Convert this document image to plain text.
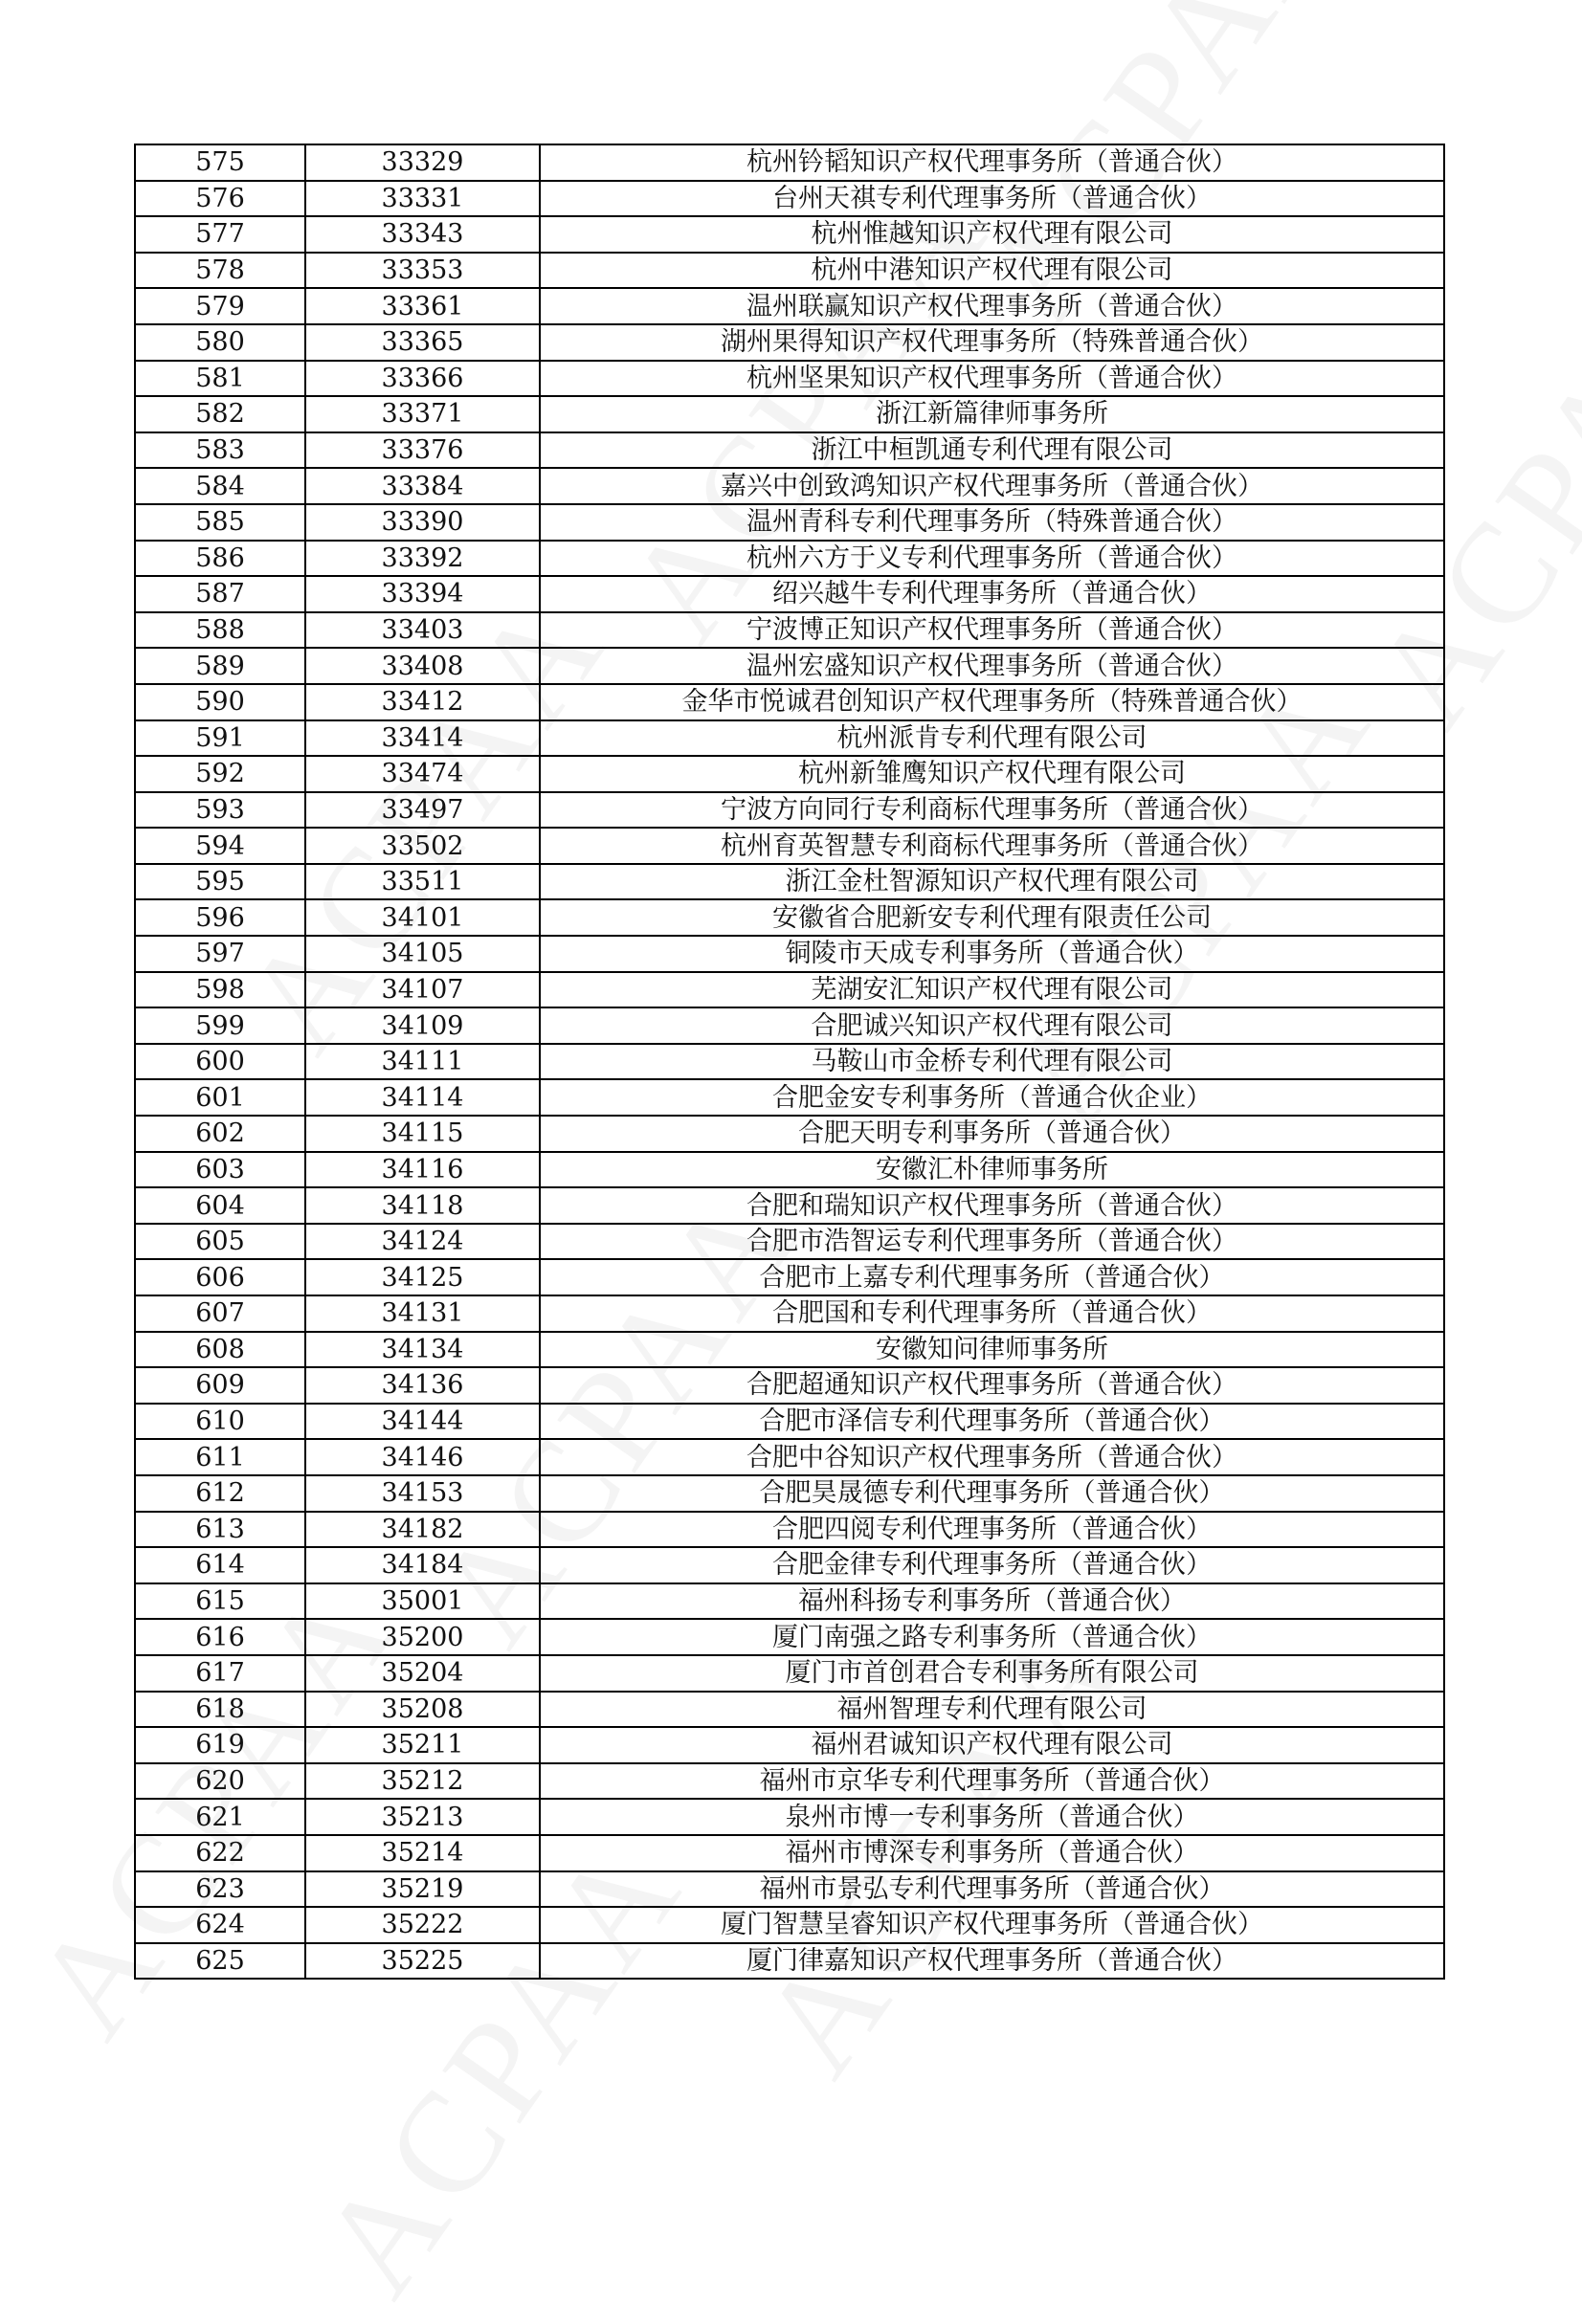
575	33329	杭州钤韬知识产权代理事务所（普通合伙）
576	33331	台州天祺专利代理事务所（普通合伙）
577	33343	杭州惟越知识产权代理有限公司
578	33353	杭州中港知识产权代理有限公司
579	33361	温州联赢知识产权代理事务所（普通合伙）
580	33365	湖州果得知识产权代理事务所（特殊普通合伙）
581	33366	杭州坚果知识产权代理事务所（普通合伙）
582	33371	浙江新篇律师事务所
583	33376	浙江中桓凯通专利代理有限公司
584	33384	嘉兴中创致鸿知识产权代理事务所（普通合伙）
585	33390	温州青科专利代理事务所（特殊普通合伙）
586	33392	杭州六方于义专利代理事务所（普通合伙）
587	33394	绍兴越牛专利代理事务所（普通合伙）
588	33403	宁波博正知识产权代理事务所（普通合伙）
589	33408	温州宏盛知识产权代理事务所（普通合伙）
590	33412	金华市悦诚君创知识产权代理事务所（特殊普通合伙）
591	33414	杭州派肯专利代理有限公司
592	33474	杭州新雏鹰知识产权代理有限公司
593	33497	宁波方向同行专利商标代理事务所（普通合伙）
594	33502	杭州育英智慧专利商标代理事务所（普通合伙）
595	33511	浙江金杜智源知识产权代理有限公司
596	34101	安徽省合肥新安专利代理有限责任公司
597	34105	铜陵市天成专利事务所（普通合伙）
598	34107	芜湖安汇知识产权代理有限公司
599	34109	合肥诚兴知识产权代理有限公司
600	34111	马鞍山市金桥专利代理有限公司
601	34114	合肥金安专利事务所（普通合伙企业）
602	34115	合肥天明专利事务所（普通合伙）
603	34116	安徽汇朴律师事务所
604	34118	合肥和瑞知识产权代理事务所（普通合伙）
605	34124	合肥市浩智运专利代理事务所（普通合伙）
606	34125	合肥市上嘉专利代理事务所（普通合伙）
607	34131	合肥国和专利代理事务所（普通合伙）
608	34134	安徽知问律师事务所
609	34136	合肥超通知识产权代理事务所（普通合伙）
610	34144	合肥市泽信专利代理事务所（普通合伙）
611	34146	合肥中谷知识产权代理事务所（普通合伙）
612	34153	合肥昊晟德专利代理事务所（普通合伙）
613	34182	合肥四阅专利代理事务所（普通合伙）
614	34184	合肥金律专利代理事务所（普通合伙）
615	35001	福州科扬专利事务所（普通合伙）
616	35200	厦门南强之路专利事务所（普通合伙）
617	35204	厦门市首创君合专利事务所有限公司
618	35208	福州智理专利代理有限公司
619	35211	福州君诚知识产权代理有限公司
620	35212	福州市京华专利代理事务所（普通合伙）
621	35213	泉州市博一专利事务所（普通合伙）
622	35214	福州市博深专利事务所（普通合伙）
623	35219	福州市景弘专利代理事务所（普通合伙）
624	35222	厦门智慧呈睿知识产权代理事务所（普通合伙）
625	35225	厦门律嘉知识产权代理事务所（普通合伙）
